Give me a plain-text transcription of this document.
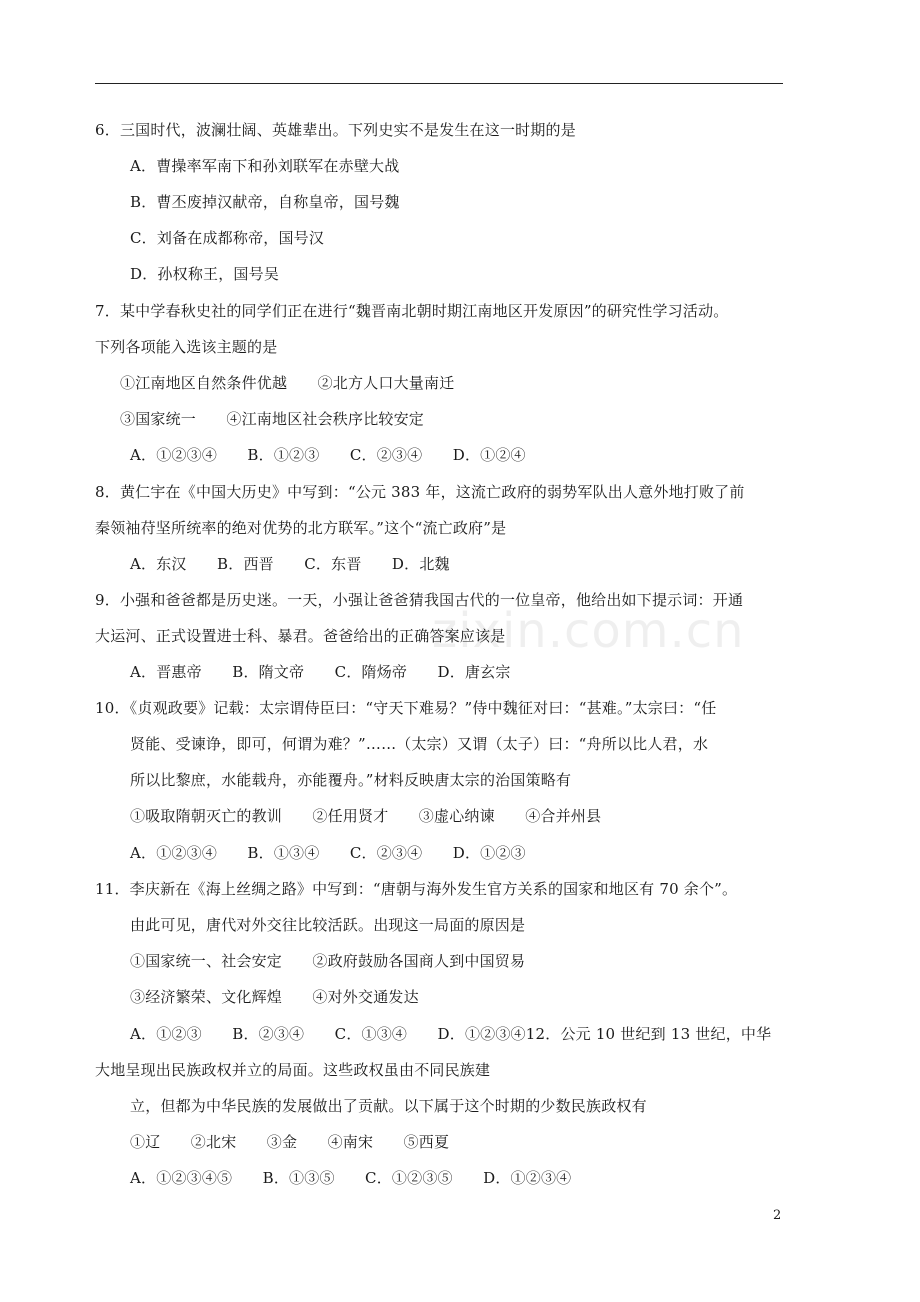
zixin.com.cn
6．三国时代，波澜壮阔、英雄辈出。下列史实不是发生在这一时期的是
A．曹操率军南下和孙刘联军在赤壁大战
B．曹丕废掉汉献帝，自称皇帝，国号魏
C．刘备在成都称帝，国号汉
D．孙权称王，国号吴
7．某中学春秋史社的同学们正在进行“魏晋南北朝时期江南地区开发原因”的研究性学习活动。
下列各项能入选该主题的是
①江南地区自然条件优越　　②北方人口大量南迁
③国家统一　　④江南地区社会秩序比较安定
A．①②③④　　B．①②③　　C．②③④　　D．①②④
8．黄仁宇在《中国大历史》中写到：“公元 383 年，这流亡政府的弱势军队出人意外地打败了前
秦领袖苻坚所统率的绝对优势的北方联军。”这个“流亡政府”是
A．东汉　　B．西晋　　C．东晋　　D．北魏
9．小强和爸爸都是历史迷。一天，小强让爸爸猜我国古代的一位皇帝，他给出如下提示词：开通
大运河、正式设置进士科、暴君。爸爸给出的正确答案应该是
A．晋惠帝　　B．隋文帝　　C．隋炀帝　　D．唐玄宗
10．《贞观政要》记载：太宗谓侍臣曰：“守天下难易？”侍中魏征对曰：“甚难。”太宗曰：“任
贤能、受谏诤，即可，何谓为难？”……（太宗）又谓（太子）曰：“舟所以比人君，水
所以比黎庶，水能载舟，亦能覆舟。”材料反映唐太宗的治国策略有
①吸取隋朝灭亡的教训　　②任用贤才　　③虚心纳谏　　④合并州县
A．①②③④　　B．①③④　　C．②③④　　D．①②③
11．李庆新在《海上丝绸之路》中写到：“唐朝与海外发生官方关系的国家和地区有 70 余个”。
由此可见，唐代对外交往比较活跃。出现这一局面的原因是
①国家统一、社会安定　　②政府鼓励各国商人到中国贸易
③经济繁荣、文化辉煌　　④对外交通发达
A．①②③　　B．②③④　　C．①③④　　D．①②③④12．公元 10 世纪到 13 世纪，中华
大地呈现出民族政权并立的局面。这些政权虽由不同民族建
立，但都为中华民族的发展做出了贡献。以下属于这个时期的少数民族政权有
①辽　　②北宋　　③金　　④南宋　　⑤西夏
A．①②③④⑤　　B．①③⑤　　C．①②③⑤　　D．①②③④
2
